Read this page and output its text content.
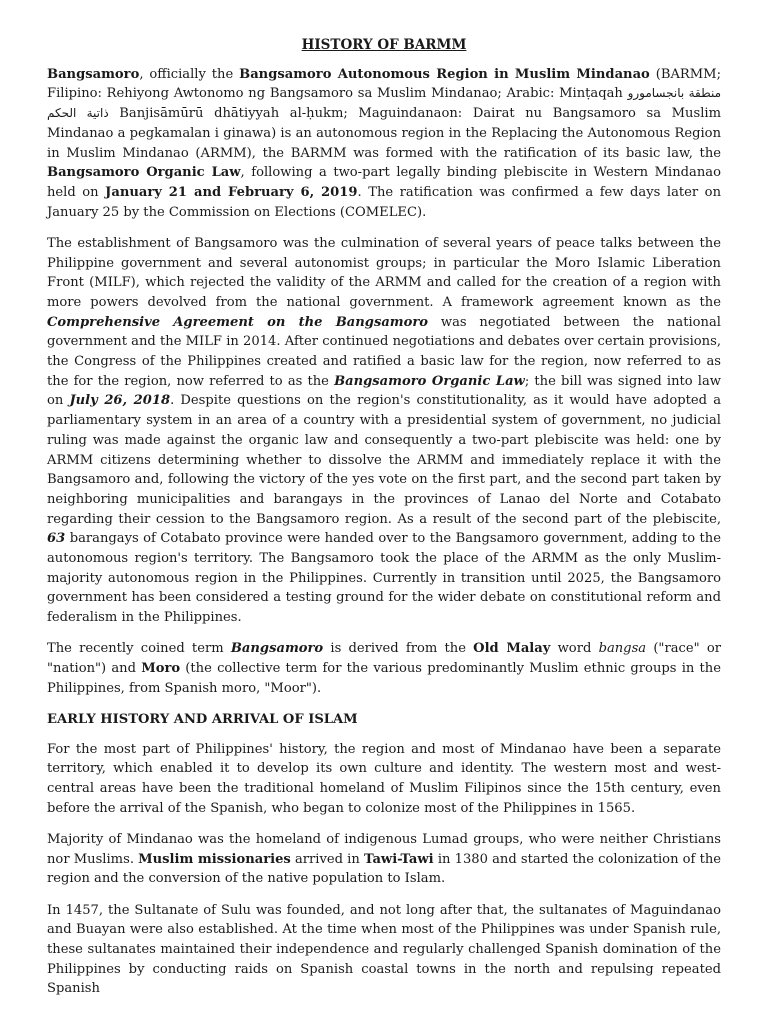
HISTORY OF BARMM

Bangsamoro, officially the Bangsamoro Autonomous Region in Muslim Mindanao (BARMM; Filipino: Rehiyong Awtonomo ng Bangsamoro sa Muslim Mindanao; Arabic: Minṭaqah منطقة بانجسامورو ذاتية الحكم Banjisāmūrū dhātiyyah al-ḥukm; Maguindanaon: Dairat nu Bangsamoro sa Muslim Mindanao a pegkamalan i ginawa) is an autonomous region in the Replacing the Autonomous Region in Muslim Mindanao (ARMM), the BARMM was formed with the ratification of its basic law, the Bangsamoro Organic Law, following a two-part legally binding plebiscite in Western Mindanao held on January 21 and February 6, 2019. The ratification was confirmed a few days later on January 25 by the Commission on Elections (COMELEC).

The establishment of Bangsamoro was the culmination of several years of peace talks between the Philippine government and several autonomist groups; in particular the Moro Islamic Liberation Front (MILF), which rejected the validity of the ARMM and called for the creation of a region with more powers devolved from the national government. A framework agreement known as the Comprehensive Agreement on the Bangsamoro was negotiated between the national government and the MILF in 2014. After continued negotiations and debates over certain provisions, the Congress of the Philippines created and ratified a basic law for the region, now referred to as the for the region, now referred to as the Bangsamoro Organic Law; the bill was signed into law on July 26, 2018. Despite questions on the region's constitutionality, as it would have adopted a parliamentary system in an area of a country with a presidential system of government, no judicial ruling was made against the organic law and consequently a two-part plebiscite was held: one by ARMM citizens determining whether to dissolve the ARMM and immediately replace it with the Bangsamoro and, following the victory of the yes vote on the first part, and the second part taken by neighboring municipalities and barangays in the provinces of Lanao del Norte and Cotabato regarding their cession to the Bangsamoro region. As a result of the second part of the plebiscite, 63 barangays of Cotabato province were handed over to the Bangsamoro government, adding to the autonomous region's territory. The Bangsamoro took the place of the ARMM as the only Muslim-majority autonomous region in the Philippines. Currently in transition until 2025, the Bangsamoro government has been considered a testing ground for the wider debate on constitutional reform and federalism in the Philippines.

The recently coined term Bangsamoro is derived from the Old Malay word bangsa ("race" or "nation") and Moro (the collective term for the various predominantly Muslim ethnic groups in the Philippines, from Spanish moro, "Moor").

EARLY HISTORY AND ARRIVAL OF ISLAM

For the most part of Philippines' history, the region and most of Mindanao have been a separate territory, which enabled it to develop its own culture and identity. The western most and west-central areas have been the traditional homeland of Muslim Filipinos since the 15th century, even before the arrival of the Spanish, who began to colonize most of the Philippines in 1565.

Majority of Mindanao was the homeland of indigenous Lumad groups, who were neither Christians nor Muslims. Muslim missionaries arrived in Tawi-Tawi in 1380 and started the colonization of the region and the conversion of the native population to Islam.

In 1457, the Sultanate of Sulu was founded, and not long after that, the sultanates of Maguindanao and Buayan were also established. At the time when most of the Philippines was under Spanish rule, these sultanates maintained their independence and regularly challenged Spanish domination of the Philippines by conducting raids on Spanish coastal towns in the north and repulsing repeated Spanish
